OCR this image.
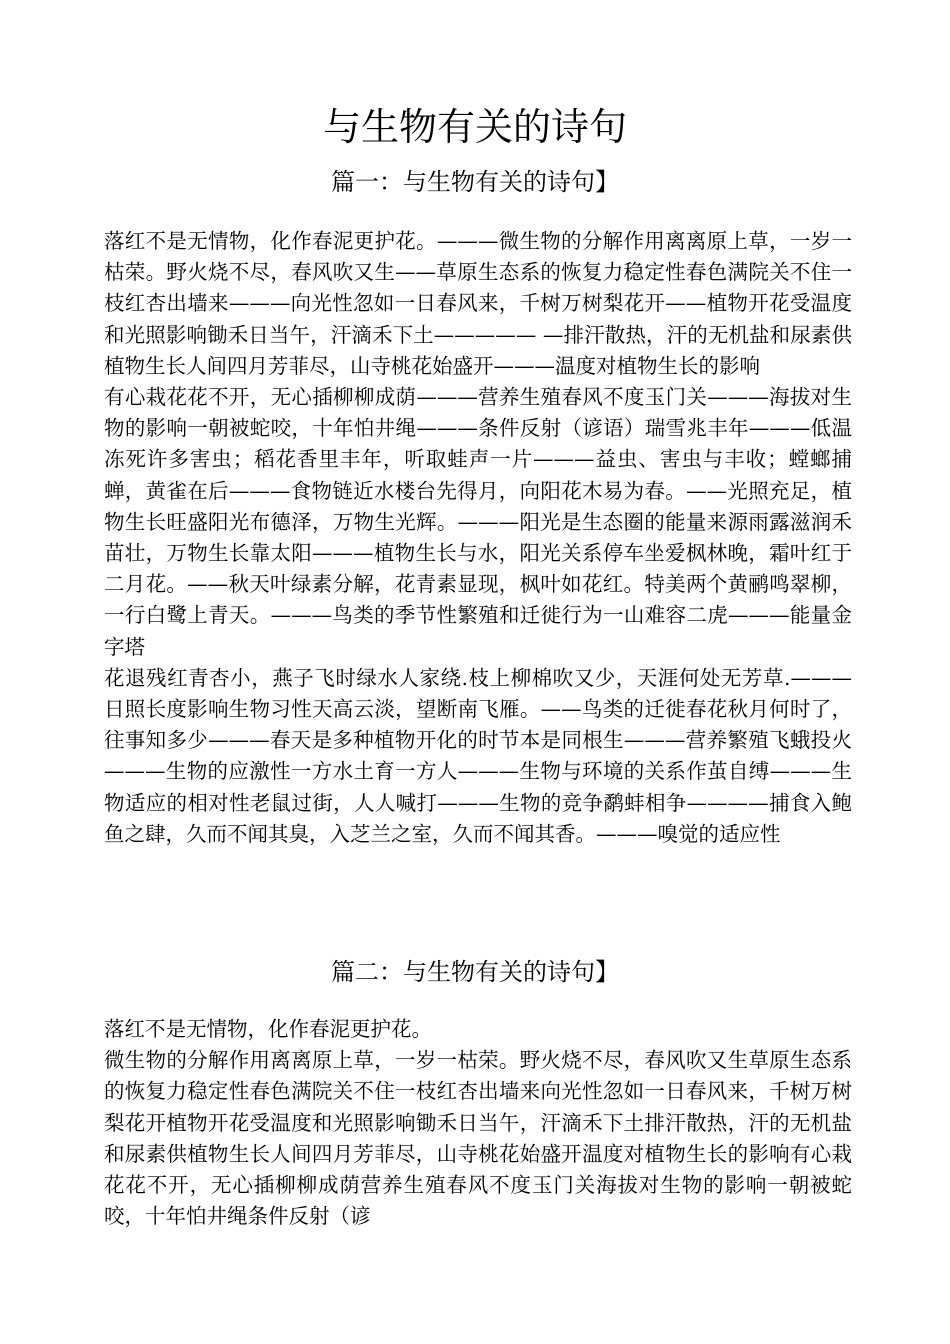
与生物有关的诗句
篇一：与生物有关的诗句】

落红不是无情物，化作春泥更护花。———微生物的分解作用离离原上草，一岁一枯荣。野火烧不尽，春风吹又生——草原生态系的恢复力稳定性春色满院关不住一枝红杏出墙来———向光性忽如一日春风来，千树万树梨花开——植物开花受温度和光照影响锄禾日当午，汗滴禾下土————— —排汗散热，汗的无机盐和尿素供植物生长人间四月芳菲尽，山寺桃花始盛开———温度对植物生长的影响

有心栽花花不开，无心插柳柳成荫———营养生殖春风不度玉门关———海拔对生物的影响一朝被蛇咬，十年怕井绳———条件反射（谚语）瑞雪兆丰年———低温冻死许多害虫；稻花香里丰年，听取蛙声一片———益虫、害虫与丰收；螳螂捕蝉，黄雀在后———食物链近水楼台先得月，向阳花木易为春。——光照充足，植物生长旺盛阳光布德泽，万物生光辉。———阳光是生态圈的能量来源雨露滋润禾苗壮，万物生长靠太阳———植物生长与水，阳光关系停车坐爱枫林晚，霜叶红于二月花。——秋天叶绿素分解，花青素显现，枫叶如花红。特美两个黄鹂鸣翠柳，一行白鹭上青天。———鸟类的季节性繁殖和迁徙行为一山难容二虎———能量金字塔

花退残红青杏小，燕子飞时绿水人家绕.枝上柳棉吹又少，天涯何处无芳草.———日照长度影响生物习性天高云淡，望断南飞雁。——鸟类的迁徙春花秋月何时了，往事知多少———春天是多种植物开化的时节本是同根生———营养繁殖飞蛾投火———生物的应激性一方水土育一方人———生物与环境的关系作茧自缚———生物适应的相对性老鼠过街，人人喊打———生物的竞争鹬蚌相争————捕食入鲍鱼之肆，久而不闻其臭，入芝兰之室，久而不闻其香。———嗅觉的适应性

篇二：与生物有关的诗句】

落红不是无情物，化作春泥更护花。

微生物的分解作用离离原上草，一岁一枯荣。野火烧不尽，春风吹又生草原生态系的恢复力稳定性春色满院关不住一枝红杏出墙来向光性忽如一日春风来，千树万树梨花开植物开花受温度和光照影响锄禾日当午，汗滴禾下土排汗散热，汗的无机盐和尿素供植物生长人间四月芳菲尽，山寺桃花始盛开温度对植物生长的影响有心栽花花不开，无心插柳柳成荫营养生殖春风不度玉门关海拔对生物的影响一朝被蛇咬，十年怕井绳条件反射（谚
